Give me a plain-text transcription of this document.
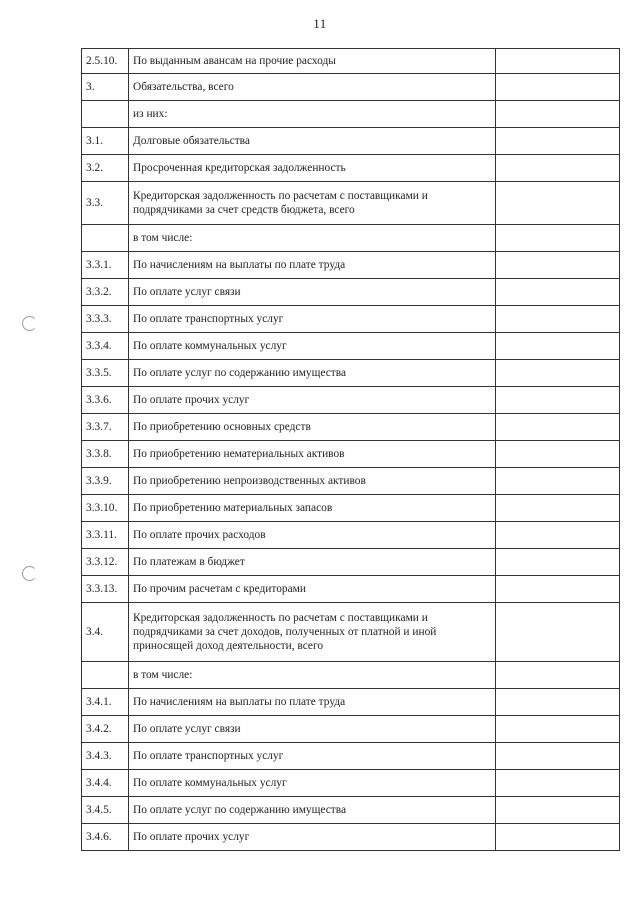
11
2.5.10.	По выданным авансам на прочие расходы	
3.	Обязательства, всего	
	из них:	
3.1.	Долговые обязательства	
3.2.	Просроченная кредиторская задолженность	
3.3.	Кредиторская задолженность по расчетам с поставщиками и подрядчиками за счет средств бюджета, всего	
	в том числе:	
3.3.1.	По начислениям на выплаты по плате труда	
3.3.2.	По оплате услуг связи	
3.3.3.	По оплате транспортных услуг	
3.3.4.	По оплате коммунальных услуг	
3.3.5.	По оплате услуг по содержанию имущества	
3.3.6.	По оплате прочих услуг	
3.3.7.	По приобретению основных средств	
3.3.8.	По приобретению нематериальных активов	
3.3.9.	По приобретению непроизводственных активов	
3.3.10.	По приобретению материальных запасов	
3.3.11.	По оплате прочих расходов	
3.3.12.	По платежам в бюджет	
3.3.13.	По прочим расчетам с кредиторами	
3.4.	Кредиторская задолженность по расчетам с поставщиками и подрядчиками за счет доходов, полученных от платной и иной приносящей доход деятельности, всего	
	в том числе:	
3.4.1.	По начислениям на выплаты по плате труда	
3.4.2.	По оплате услуг связи	
3.4.3.	По оплате транспортных услуг	
3.4.4.	По оплате коммунальных услуг	
3.4.5.	По оплате услуг по содержанию имущества	
3.4.6.	По оплате прочих услуг	
